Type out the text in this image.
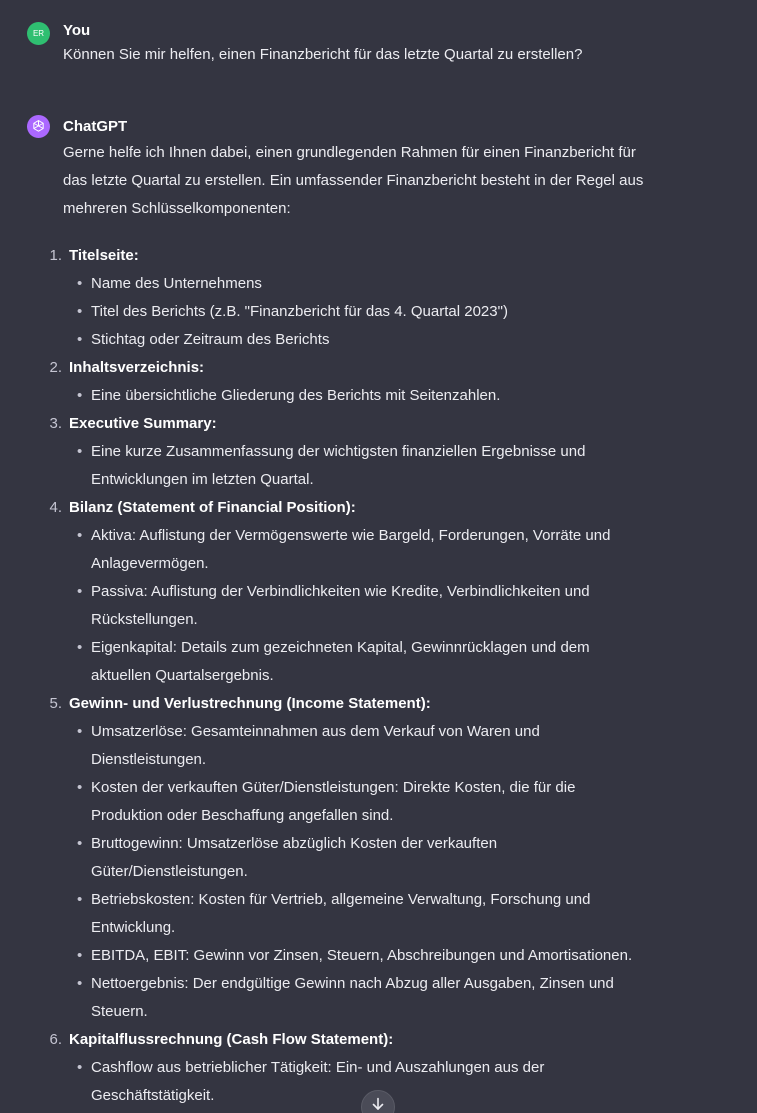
ER	You
Können Sie mir helfen, einen Finanzbericht für das letzte Quartal zu erstellen?
ChatGPT
Gerne helfe ich Ihnen dabei, einen grundlegenden Rahmen für einen Finanzbericht für
das letzte Quartal zu erstellen. Ein umfassender Finanzbericht besteht in der Regel aus
mehreren Schlüsselkomponenten:
1. Titelseite:
• Name des Unternehmens
• Titel des Berichts (z.B. "Finanzbericht für das 4. Quartal 2023")
• Stichtag oder Zeitraum des Berichts
2. Inhaltsverzeichnis:
• Eine übersichtliche Gliederung des Berichts mit Seitenzahlen.
3. Executive Summary:
• Eine kurze Zusammenfassung der wichtigsten finanziellen Ergebnisse und
Entwicklungen im letzten Quartal.
4. Bilanz (Statement of Financial Position):
• Aktiva: Auflistung der Vermögenswerte wie Bargeld, Forderungen, Vorräte und
Anlagevermögen.
• Passiva: Auflistung der Verbindlichkeiten wie Kredite, Verbindlichkeiten und
Rückstellungen.
• Eigenkapital: Details zum gezeichneten Kapital, Gewinnrücklagen und dem
aktuellen Quartalsergebnis.
5. Gewinn- und Verlustrechnung (Income Statement):
• Umsatzerlöse: Gesamteinnahmen aus dem Verkauf von Waren und
Dienstleistungen.
• Kosten der verkauften Güter/Dienstleistungen: Direkte Kosten, die für die
Produktion oder Beschaffung angefallen sind.
• Bruttogewinn: Umsatzerlöse abzüglich Kosten der verkauften
Güter/Dienstleistungen.
• Betriebskosten: Kosten für Vertrieb, allgemeine Verwaltung, Forschung und
Entwicklung.
• EBITDA, EBIT: Gewinn vor Zinsen, Steuern, Abschreibungen und Amortisationen.
• Nettoergebnis: Der endgültige Gewinn nach Abzug aller Ausgaben, Zinsen und
Steuern.
6. Kapitalflussrechnung (Cash Flow Statement):
• Cashflow aus betrieblicher Tätigkeit: Ein- und Auszahlungen aus der
Geschäftstätigkeit.
